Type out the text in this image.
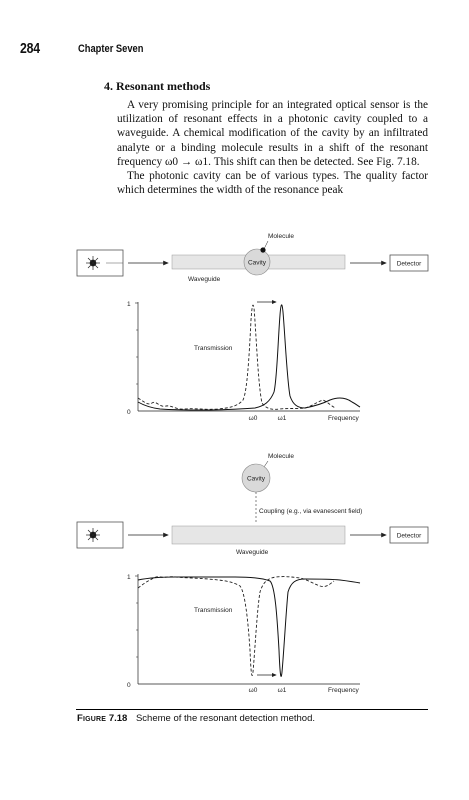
284	Chapter Seven
4. Resonant methods

A very promising principle for an integrated optical sensor is the utilization of resonant effects in a photonic cavity coupled to a waveguide. A chemical modification of the cavity by an infiltrated analyte or a binding molecule results in a shift of the resonant frequency ω0 → ω1. This shift can then be detected. See Fig. 7.18.

The photonic cavity can be of various types. The quality factor which determines the width of the resonance peak

Cavity
Molecule
Detector
Waveguide
1
0
Transmission
ω0	ω1	Frequency
Molecule
Cavity
Coupling (e.g., via evanescent field)
Detector
Waveguide
1
0
Transmission
ω0	ω1	Frequency
Figure 7.18 Scheme of the resonant detection method.
